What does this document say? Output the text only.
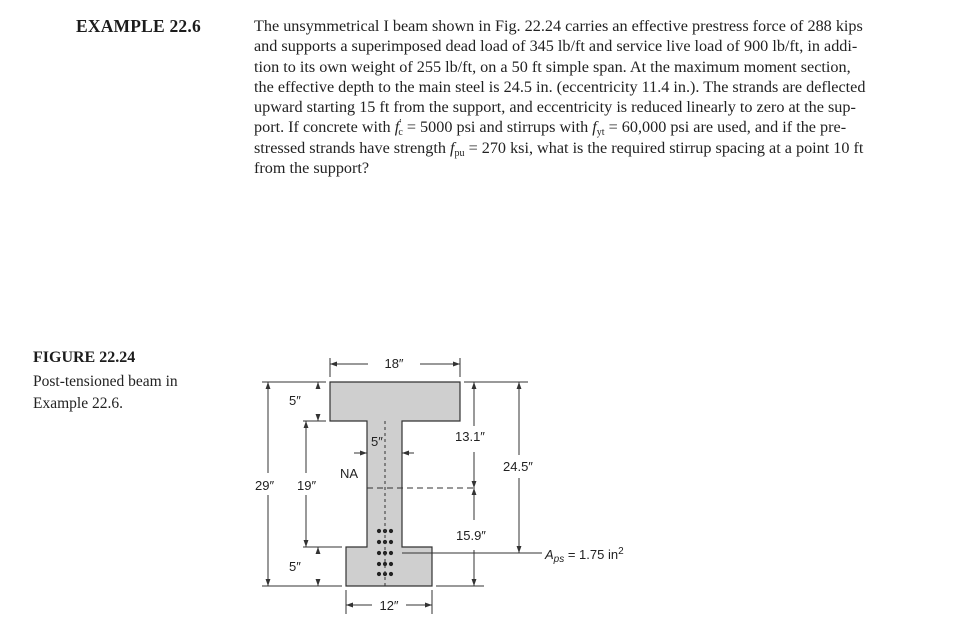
EXAMPLE 22.6	The unsymmetrical I beam shown in Fig. 22.24 carries an effective prestress force of 288 kips
and supports a superimposed dead load of 345 lb/ft and service live load of 900 lb/ft, in addi-
tion to its own weight of 255 lb/ft, on a 50 ft simple span. At the maximum moment section,
the effective depth to the main steel is 24.5 in. (eccentricity 11.4 in.). The strands are deflected
upward starting 15 ft from the support, and eccentricity is reduced linearly to zero at the sup-
port. If concrete with $f'_c = 5000$ psi and stirrups with $f_{yt} = 60,000$ psi are used, and if the pre-
stressed strands have strength $f_{pu} = 270$ ksi, what is the required stirrup spacing at a point 10 ft
from the support?
FIGURE 22.24
Post-tensioned beam in
Example 22.6.
18″
29″ 19″
5″
5″
5″
NA
13.1″
15.9″
24.5″
$A_{ps} = 1.75$ $in^2$
12″
